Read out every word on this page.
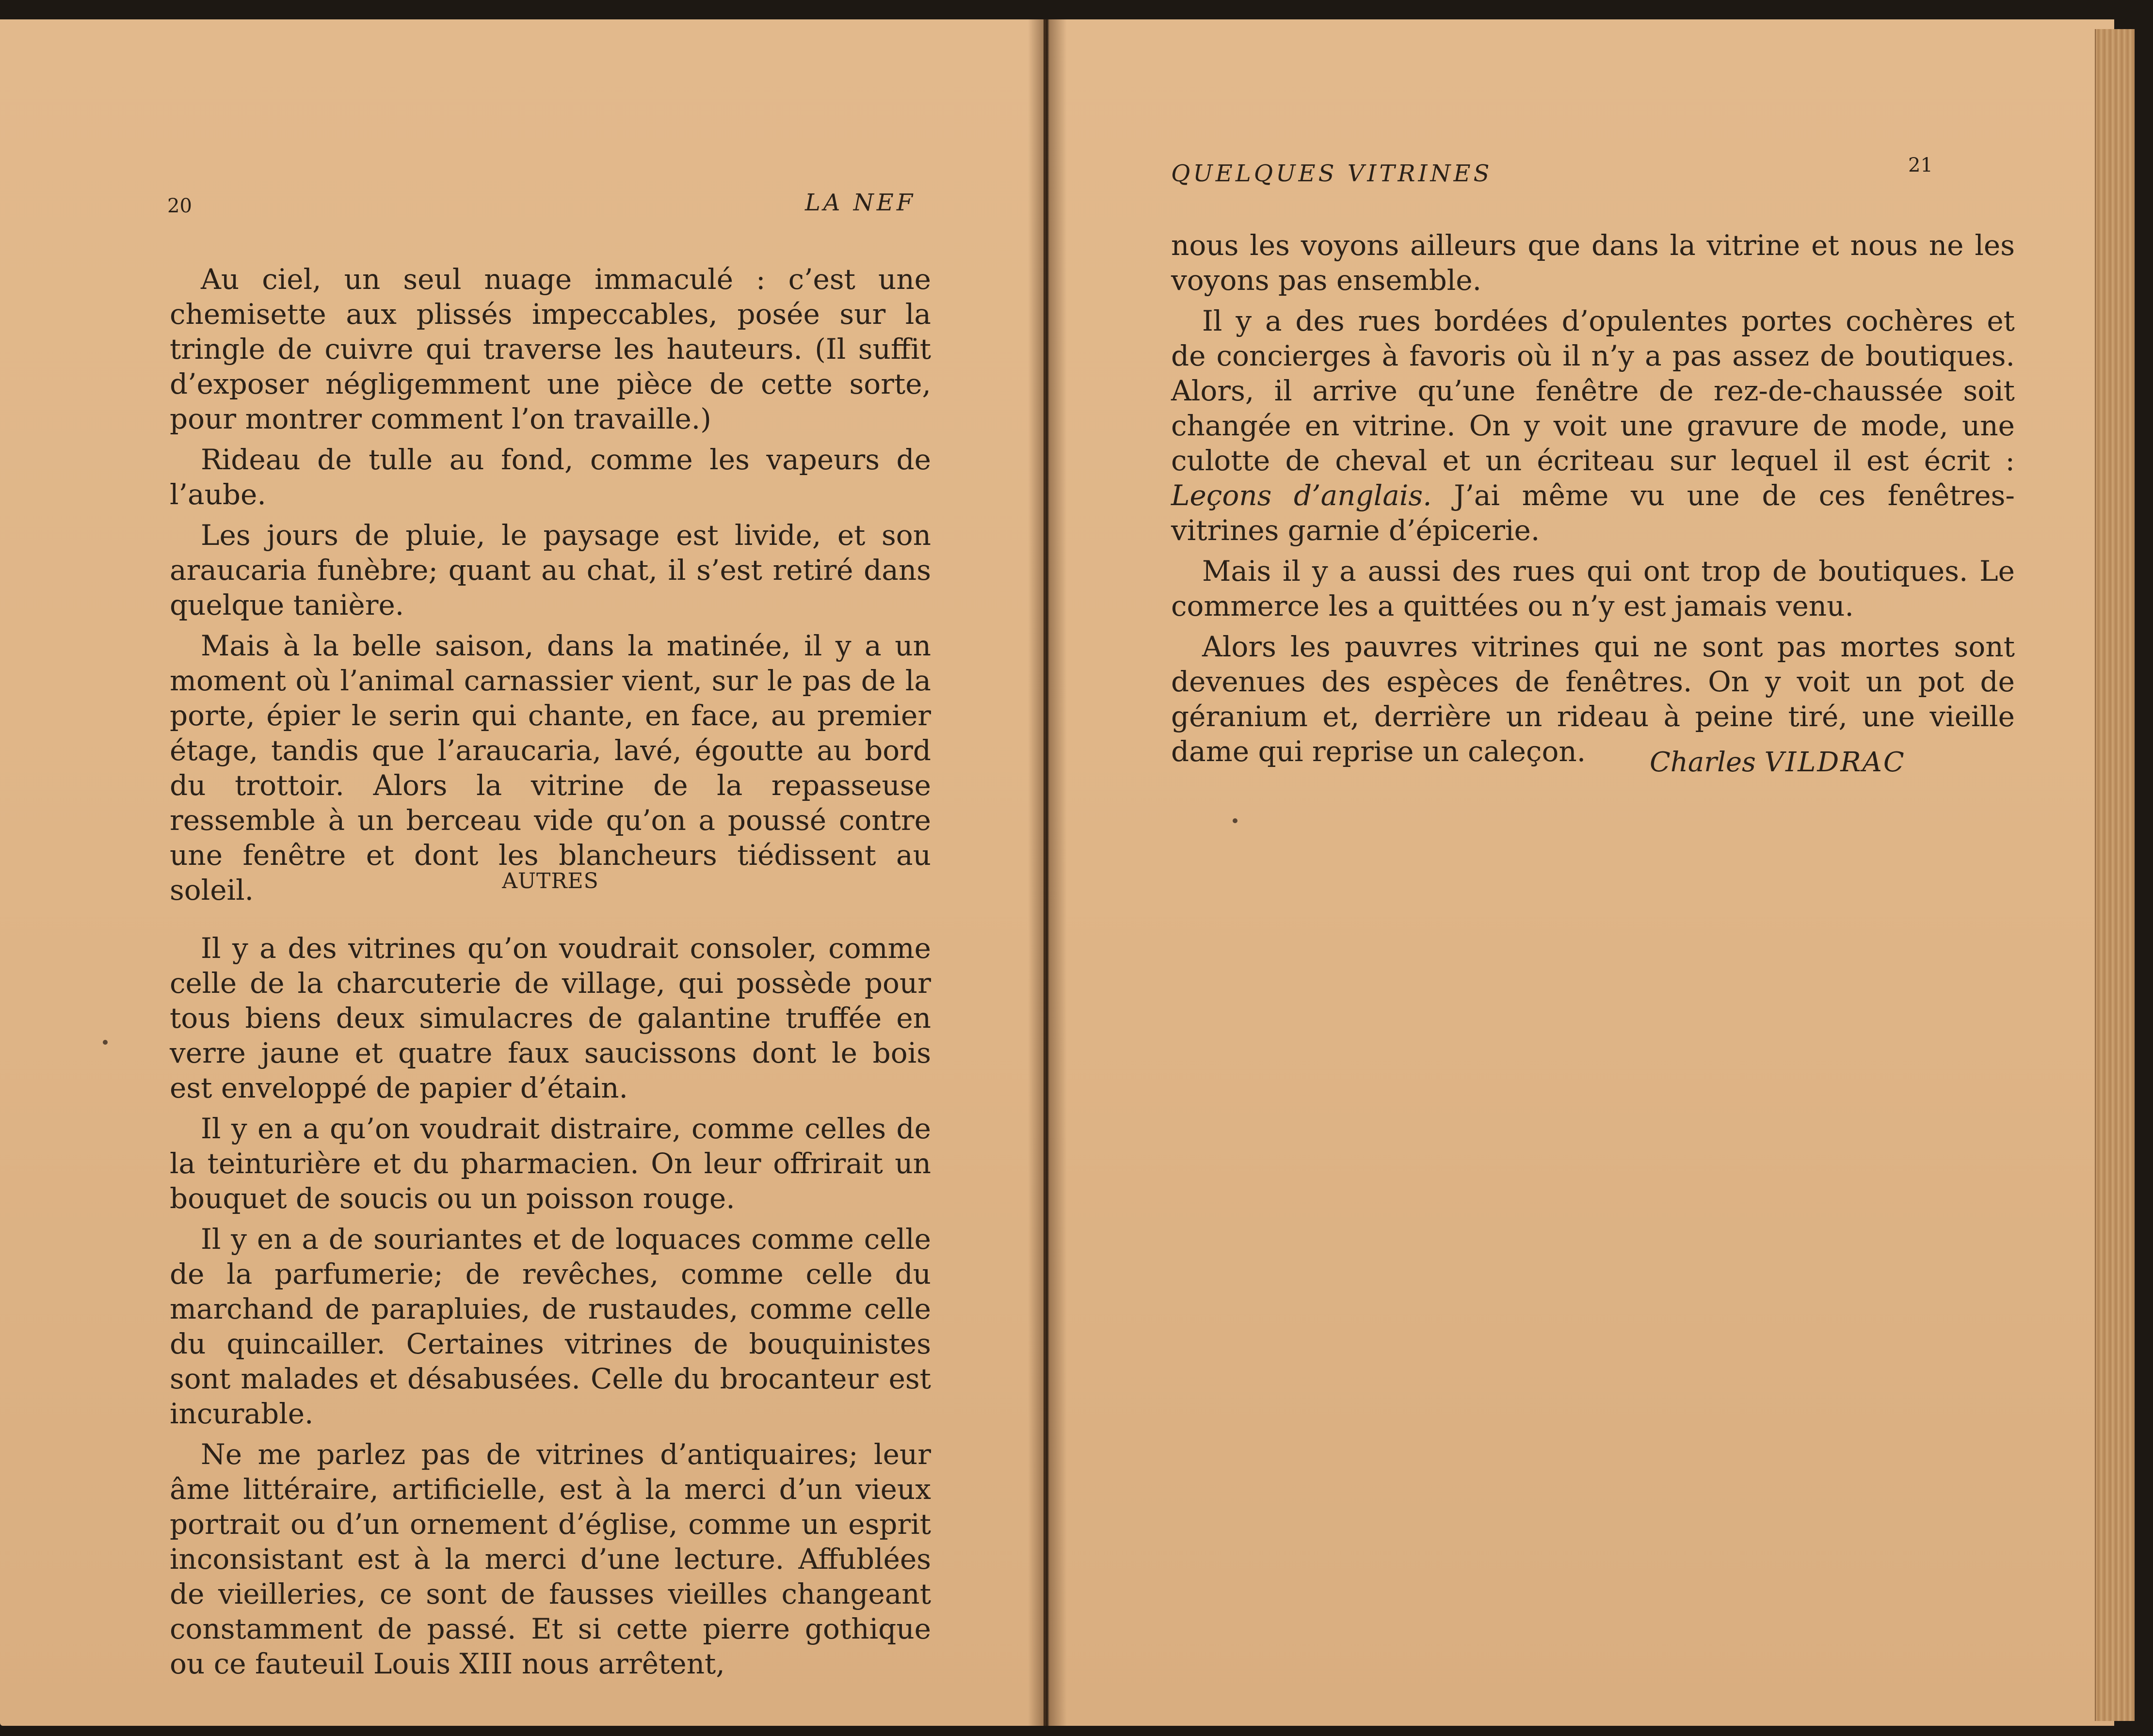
20	LA NEF

Au ciel, un seul nuage immaculé : c’est une chemisette aux plissés impeccables, posée sur la tringle de cuivre qui traverse les hauteurs. (Il suffit d’exposer négligemment une pièce de cette sorte, pour montrer comment l’on travaille.)

Rideau de tulle au fond, comme les vapeurs de l’aube.

Les jours de pluie, le paysage est livide, et son araucaria funèbre; quant au chat, il s’est retiré dans quelque tanière.

Mais à la belle saison, dans la matinée, il y a un moment où l’animal carnassier vient, sur le pas de la porte, épier le serin qui chante, en face, au premier étage, tandis que l’araucaria, lavé, égoutte au bord du trottoir. Alors la vitrine de la repasseuse ressemble à un berceau vide qu’on a poussé contre une fenêtre et dont les blancheurs tiédissent au soleil.	AUTRES

Il y a des vitrines qu’on voudrait consoler, comme celle de la charcuterie de village, qui possède pour tous biens deux simulacres de galantine truffée en verre jaune et quatre faux saucissons dont le bois est enveloppé de papier d’étain.

Il y en a qu’on voudrait distraire, comme celles de la teinturière et du pharmacien. On leur offrirait un bouquet de soucis ou un poisson rouge.

Il y en a de souriantes et de loquaces comme celle de la parfumerie; de revêches, comme celle du marchand de parapluies, de rustaudes, comme celle du quincailler. Certaines vitrines de bouquinistes sont malades et désabusées. Celle du brocanteur est incurable.

Ne me parlez pas de vitrines d’antiquaires; leur âme littéraire, artificielle, est à la merci d’un vieux portrait ou d’un ornement d’église, comme un esprit inconsistant est à la merci d’une lecture. Affublées de vieilleries, ce sont de fausses vieilles changeant constamment de passé. Et si cette pierre gothique ou ce fauteuil Louis XIII nous arrêtent,

QUELQUES VITRINES	21

nous les voyons ailleurs que dans la vitrine et nous ne les voyons pas ensemble.

Il y a des rues bordées d’opulentes portes cochères et de concierges à favoris où il n’y a pas assez de boutiques. Alors, il arrive qu’une fenêtre de rez-de-chaussée soit changée en vitrine. On y voit une gravure de mode, une culotte de cheval et un écriteau sur lequel il est écrit : Leçons d’anglais. J’ai même vu une de ces fenêtres-vitrines garnie d’épicerie.

Mais il y a aussi des rues qui ont trop de boutiques. Le commerce les a quittées ou n’y est jamais venu.

Alors les pauvres vitrines qui ne sont pas mortes sont devenues des espèces de fenêtres. On y voit un pot de géranium et, derrière un rideau à peine tiré, une vieille dame qui reprise un caleçon.	Charles VILDRAC
